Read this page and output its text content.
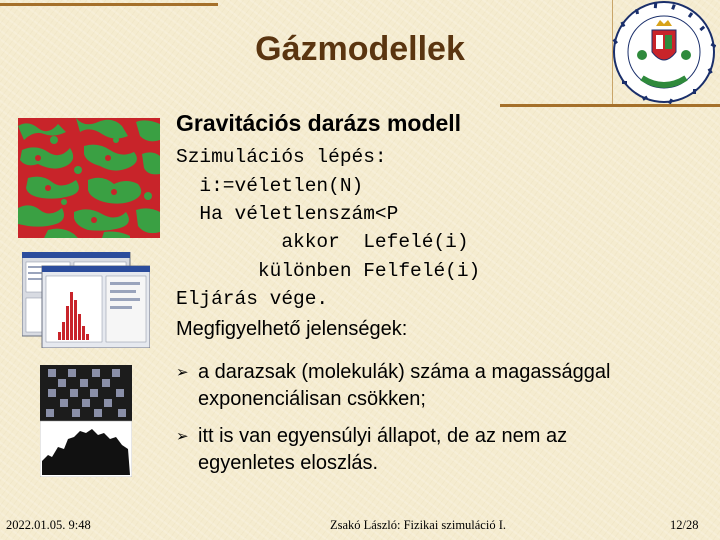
Gázmodellek
Gravitációs darázs modell
Szimulációs lépés:
i:=véletlen(N)
Ha véletlenszám<P
akkor  Lefelé(i)
különben Felfelé(i)
Eljárás vége.
Megfigyelhető jelenségek:
➢ a darazsak (molekulák) száma a magassággal
exponenciálisan csökken;
➢ itt is van egyensúlyi állapot, de az nem az
egyenletes eloszlás.
2022.01.05. 9:48	Zsakó László: Fizikai szimuláció I.	12/28
